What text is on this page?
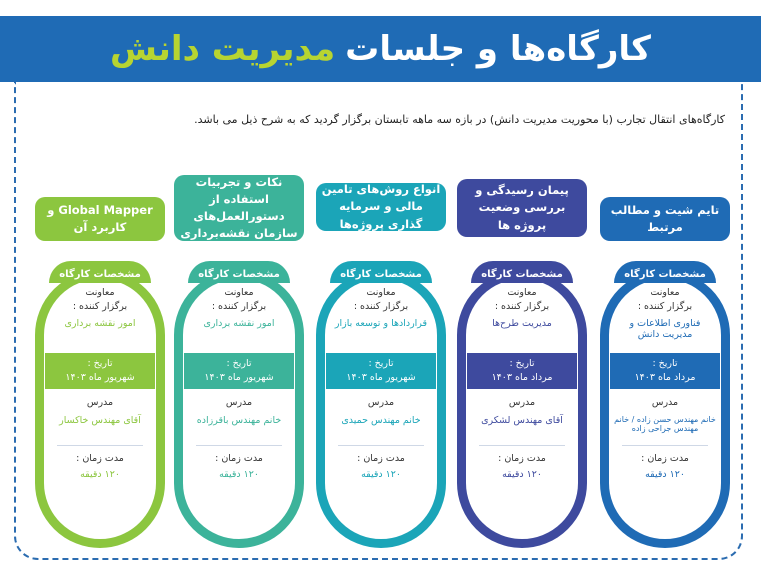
کارگاه‌ها و جلسات
مدیریت دانش
کارگاه‌های انتقال تجارب (با محوریت مدیریت دانش) در بازه سه ماهه تابستان برگزار گردید که به شرح ذیل می باشد.
تایم شیت و مطالب مرتبط
مشخصات کارگاه
معاونت
برگزار کننده :
فناوری اطلاعات و مدیریت دانش
تاریخ :
مرداد ماه ۱۴۰۳
مدرس
خانم مهندس حسن زاده / خانم مهندس جراحی زاده
مدت زمان :
۱۲۰ دقیقه
پیمان رسیدگی و بررسی وضعیت پروژه ها
مشخصات کارگاه
معاونت
برگزار کننده :
مدیریت طرح‌ها
تاریخ :
مرداد ماه ۱۴۰۳
مدرس
آقای مهندس لشکری
مدت زمان :
۱۲۰ دقیقه
انواع روش‌های تامین مالی و سرمایه گذاری پروژه‌ها
مشخصات کارگاه
معاونت
برگزار کننده :
قراردادها و توسعه بازار
تاریخ :
شهریور ماه ۱۴۰۳
مدرس
خانم مهندس حمیدی
مدت زمان :
۱۲۰ دقیقه
نکات و تجربیات استفاده از دستورالعمل‌های سازمان نقشه‌برداری
مشخصات کارگاه
معاونت
برگزار کننده :
امور نقشه برداری
تاریخ :
شهریور ماه ۱۴۰۳
مدرس
خانم مهندس باقرزاده
مدت زمان :
۱۲۰ دقیقه
Global Mapper و کاربرد آن
مشخصات کارگاه
معاونت
برگزار کننده :
امور نقشه برداری
تاریخ :
شهریور ماه ۱۴۰۳
مدرس
آقای مهندس خاکسار
مدت زمان :
۱۲۰ دقیقه
